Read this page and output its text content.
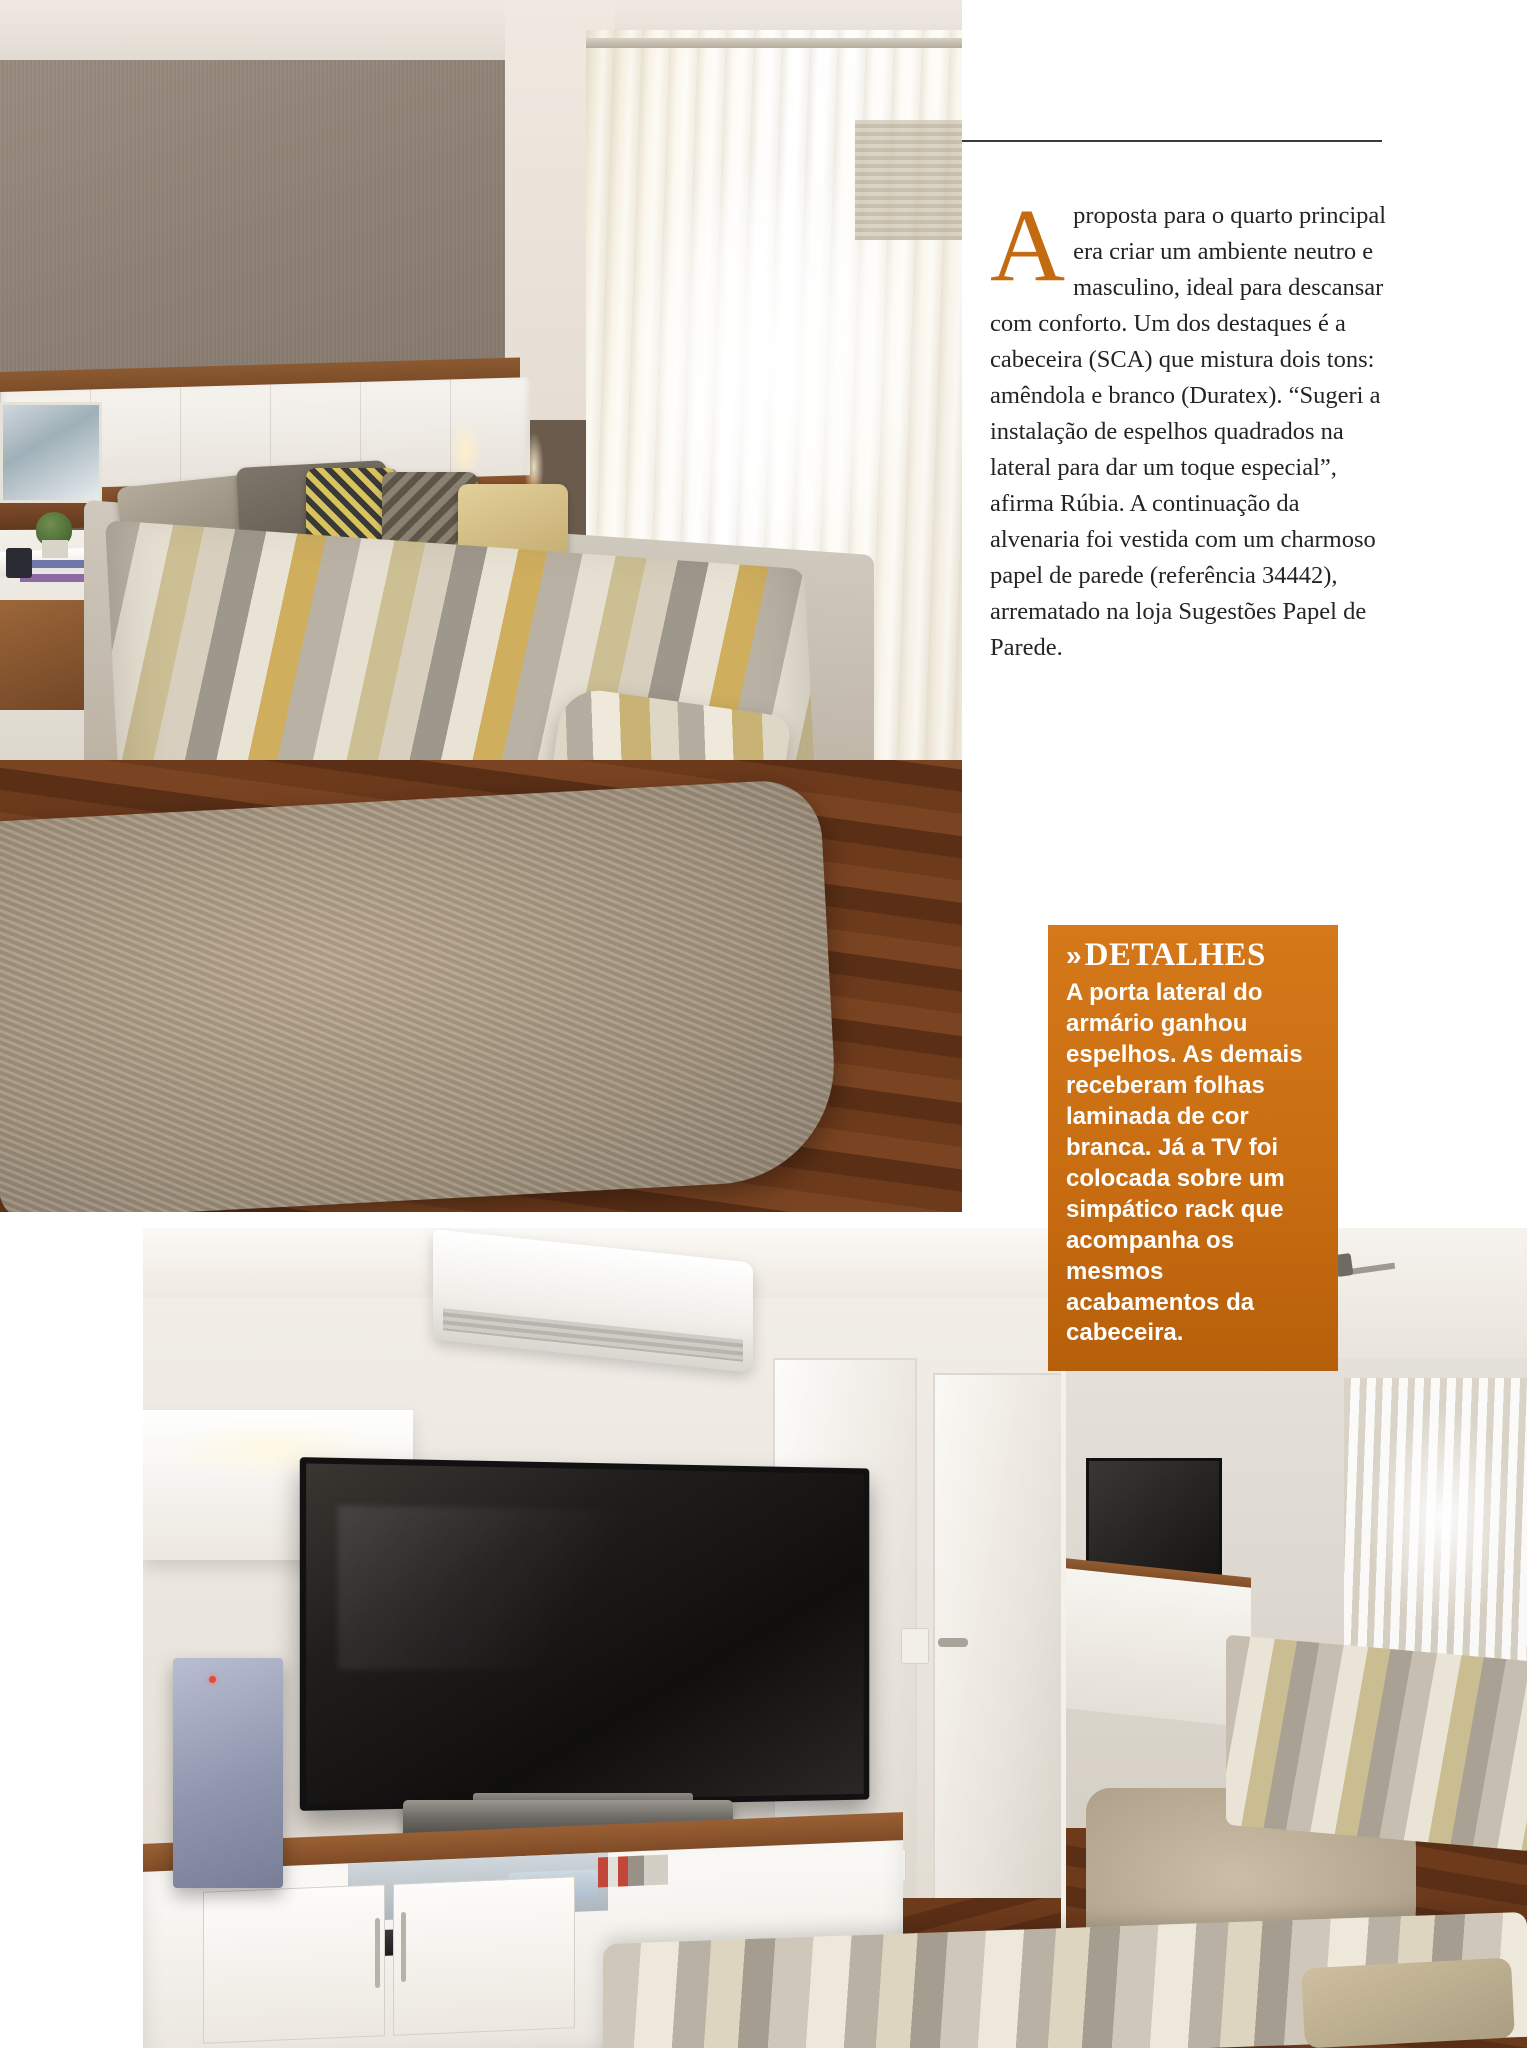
Aproposta para o quarto principal era criar um ambiente neutro e masculino, ideal para descansar com conforto. Um dos destaques é a cabeceira (SCA) que mistura dois tons: amêndola e branco (Duratex). “Sugeri a instalação de espelhos quadrados na lateral para dar um toque especial”, afirma Rúbia. A continuação da alvenaria foi vestida com um charmoso papel de parede (referência 34442), arrematado na loja Sugestões Papel de Parede.

» DETALHES

A porta lateral do armário ganhou espelhos. As demais receberam folhas laminada de cor branca. Já a TV foi colocada sobre um simpático rack que acompanha os mesmos acabamentos da cabeceira.
